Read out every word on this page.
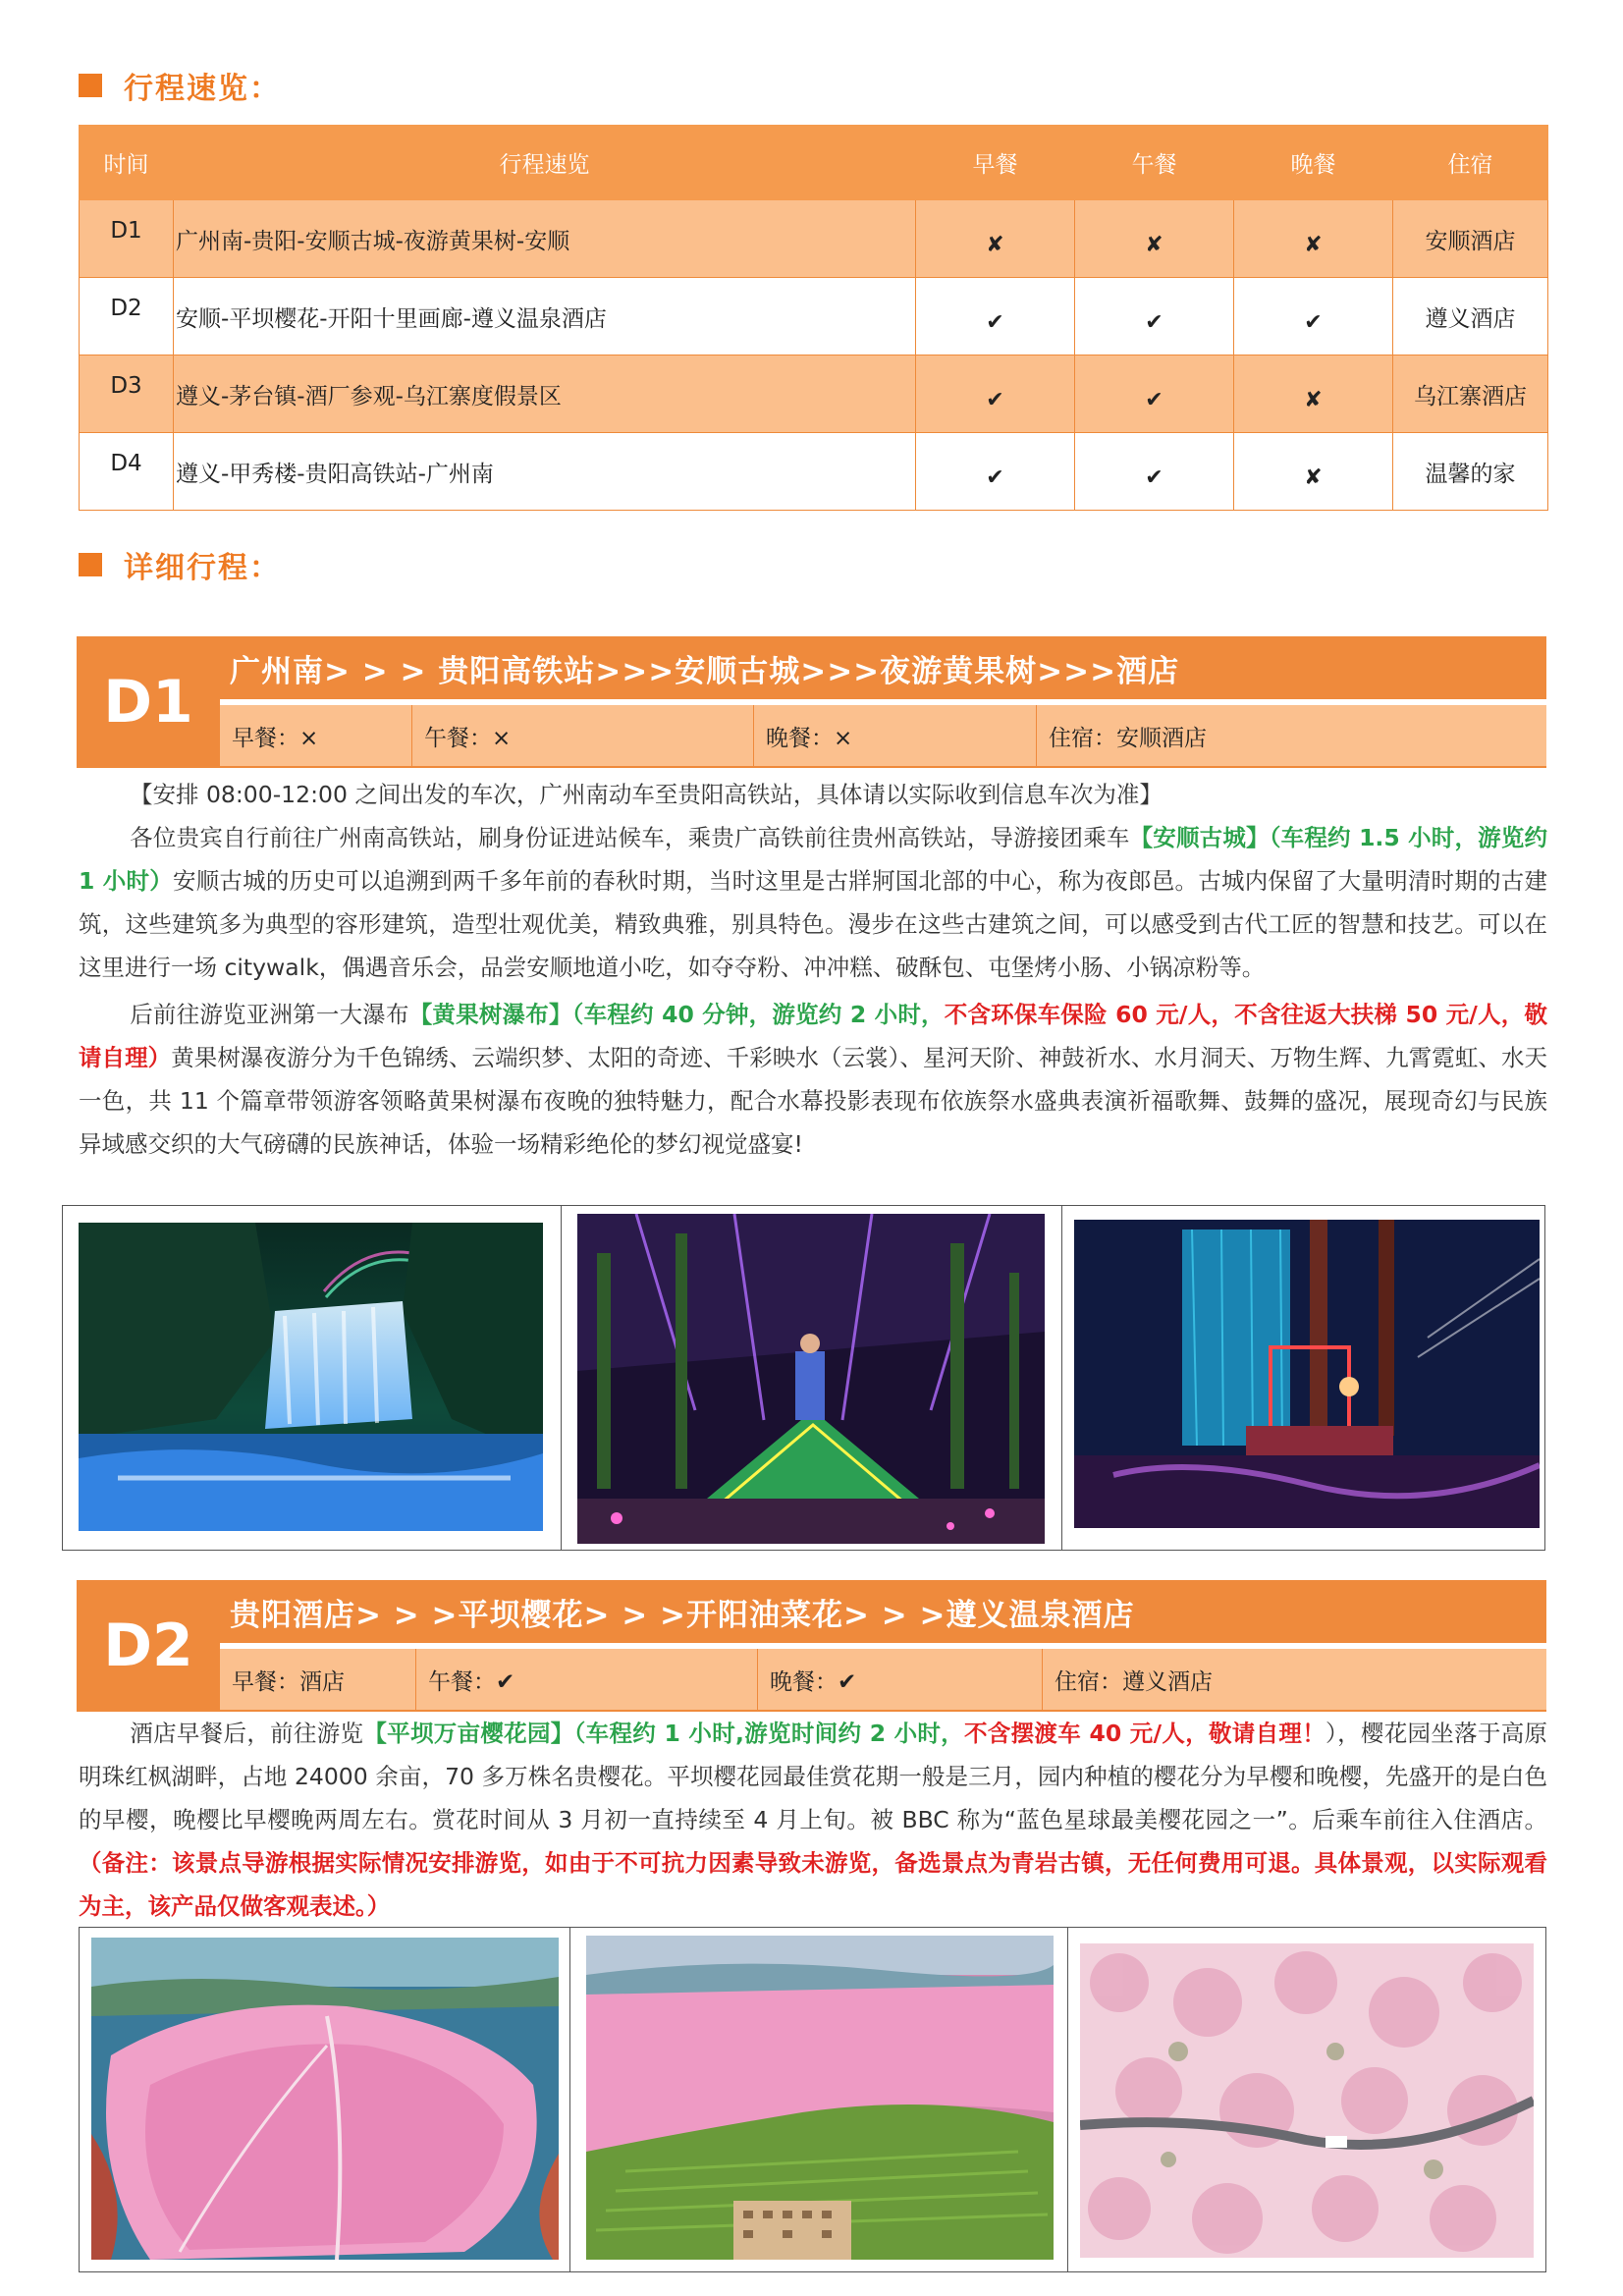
行程速览：
时间	行程速览	早餐	午餐	晚餐	住宿
D1	广州南-贵阳-安顺古城-夜游黄果树-安顺	✘	✘	✘	安顺酒店
D2	安顺-平坝樱花-开阳十里画廊-遵义温泉酒店	✔	✔	✔	遵义酒店
D3	遵义-茅台镇-酒厂参观-乌江寨度假景区	✔	✔	✘	乌江寨酒店
D4	遵义-甲秀楼-贵阳高铁站-广州南	✔	✔	✘	温馨的家
详细行程：
D1	广州南> > > 贵阳高铁站>>>安顺古城>>>夜游黄果树>>>酒店
早餐：×	午餐：×	晚餐：×	住宿：安顺酒店
【安排 08:00-12:00 之间出发的车次，广州南动车至贵阳高铁站，具体请以实际收到信息车次为准】
各位贵宾自行前往广州南高铁站，刷身份证进站候车，乘贵广高铁前往贵州高铁站，导游接团乘车【安顺古城】（车程约 1.5 小时，游览约 1 小时）安顺古城的历史可以追溯到两千多年前的春秋时期，当时这里是古牂牁国北部的中心，称为夜郎邑。古城内保留了大量明清时期的古建筑，这些建筑多为典型的容形建筑，造型壮观优美，精致典雅，别具特色。漫步在这些古建筑之间，可以感受到古代工匠的智慧和技艺。可以在这里进行一场 citywalk，偶遇音乐会，品尝安顺地道小吃，如夺夺粉、冲冲糕、破酥包、屯堡烤小肠、小锅凉粉等。
后前往游览亚洲第一大瀑布【黄果树瀑布】（车程约 40 分钟，游览约 2 小时，不含环保车保险 60 元/人，不含往返大扶梯 50 元/人，敬请自理）黄果树瀑夜游分为千色锦绣、云端织梦、太阳的奇迹、千彩映水（云裳）、星河天阶、神鼓祈水、水月洞天、万物生辉、九霄霓虹、水天一色，共 11 个篇章带领游客领略黄果树瀑布夜晚的独特魅力，配合水幕投影表现布依族祭水盛典表演祈福歌舞、鼓舞的盛况，展现奇幻与民族异域感交织的大气磅礴的民族神话，体验一场精彩绝伦的梦幻视觉盛宴!
D2	贵阳酒店> > >平坝樱花> > >开阳油菜花> > >遵义温泉酒店
早餐：酒店	午餐：✔	晚餐：✔	住宿：遵义酒店
酒店早餐后，前往游览【平坝万亩樱花园】（车程约 1 小时,游览时间约 2 小时，不含摆渡车 40 元/人，敬请自理！），樱花园坐落于高原明珠红枫湖畔，占地 24000 余亩，70 多万株名贵樱花。平坝樱花园最佳赏花期一般是三月，园内种植的樱花分为早樱和晚樱，先盛开的是白色的早樱，晚樱比早樱晚两周左右。赏花时间从 3 月初一直持续至 4 月上旬。被 BBC 称为“蓝色星球最美樱花园之一”。后乘车前往入住酒店。（备注：该景点导游根据实际情况安排游览，如由于不可抗力因素导致未游览，备选景点为青岩古镇，无任何费用可退。具体景观，以实际观看为主，该产品仅做客观表述。）
